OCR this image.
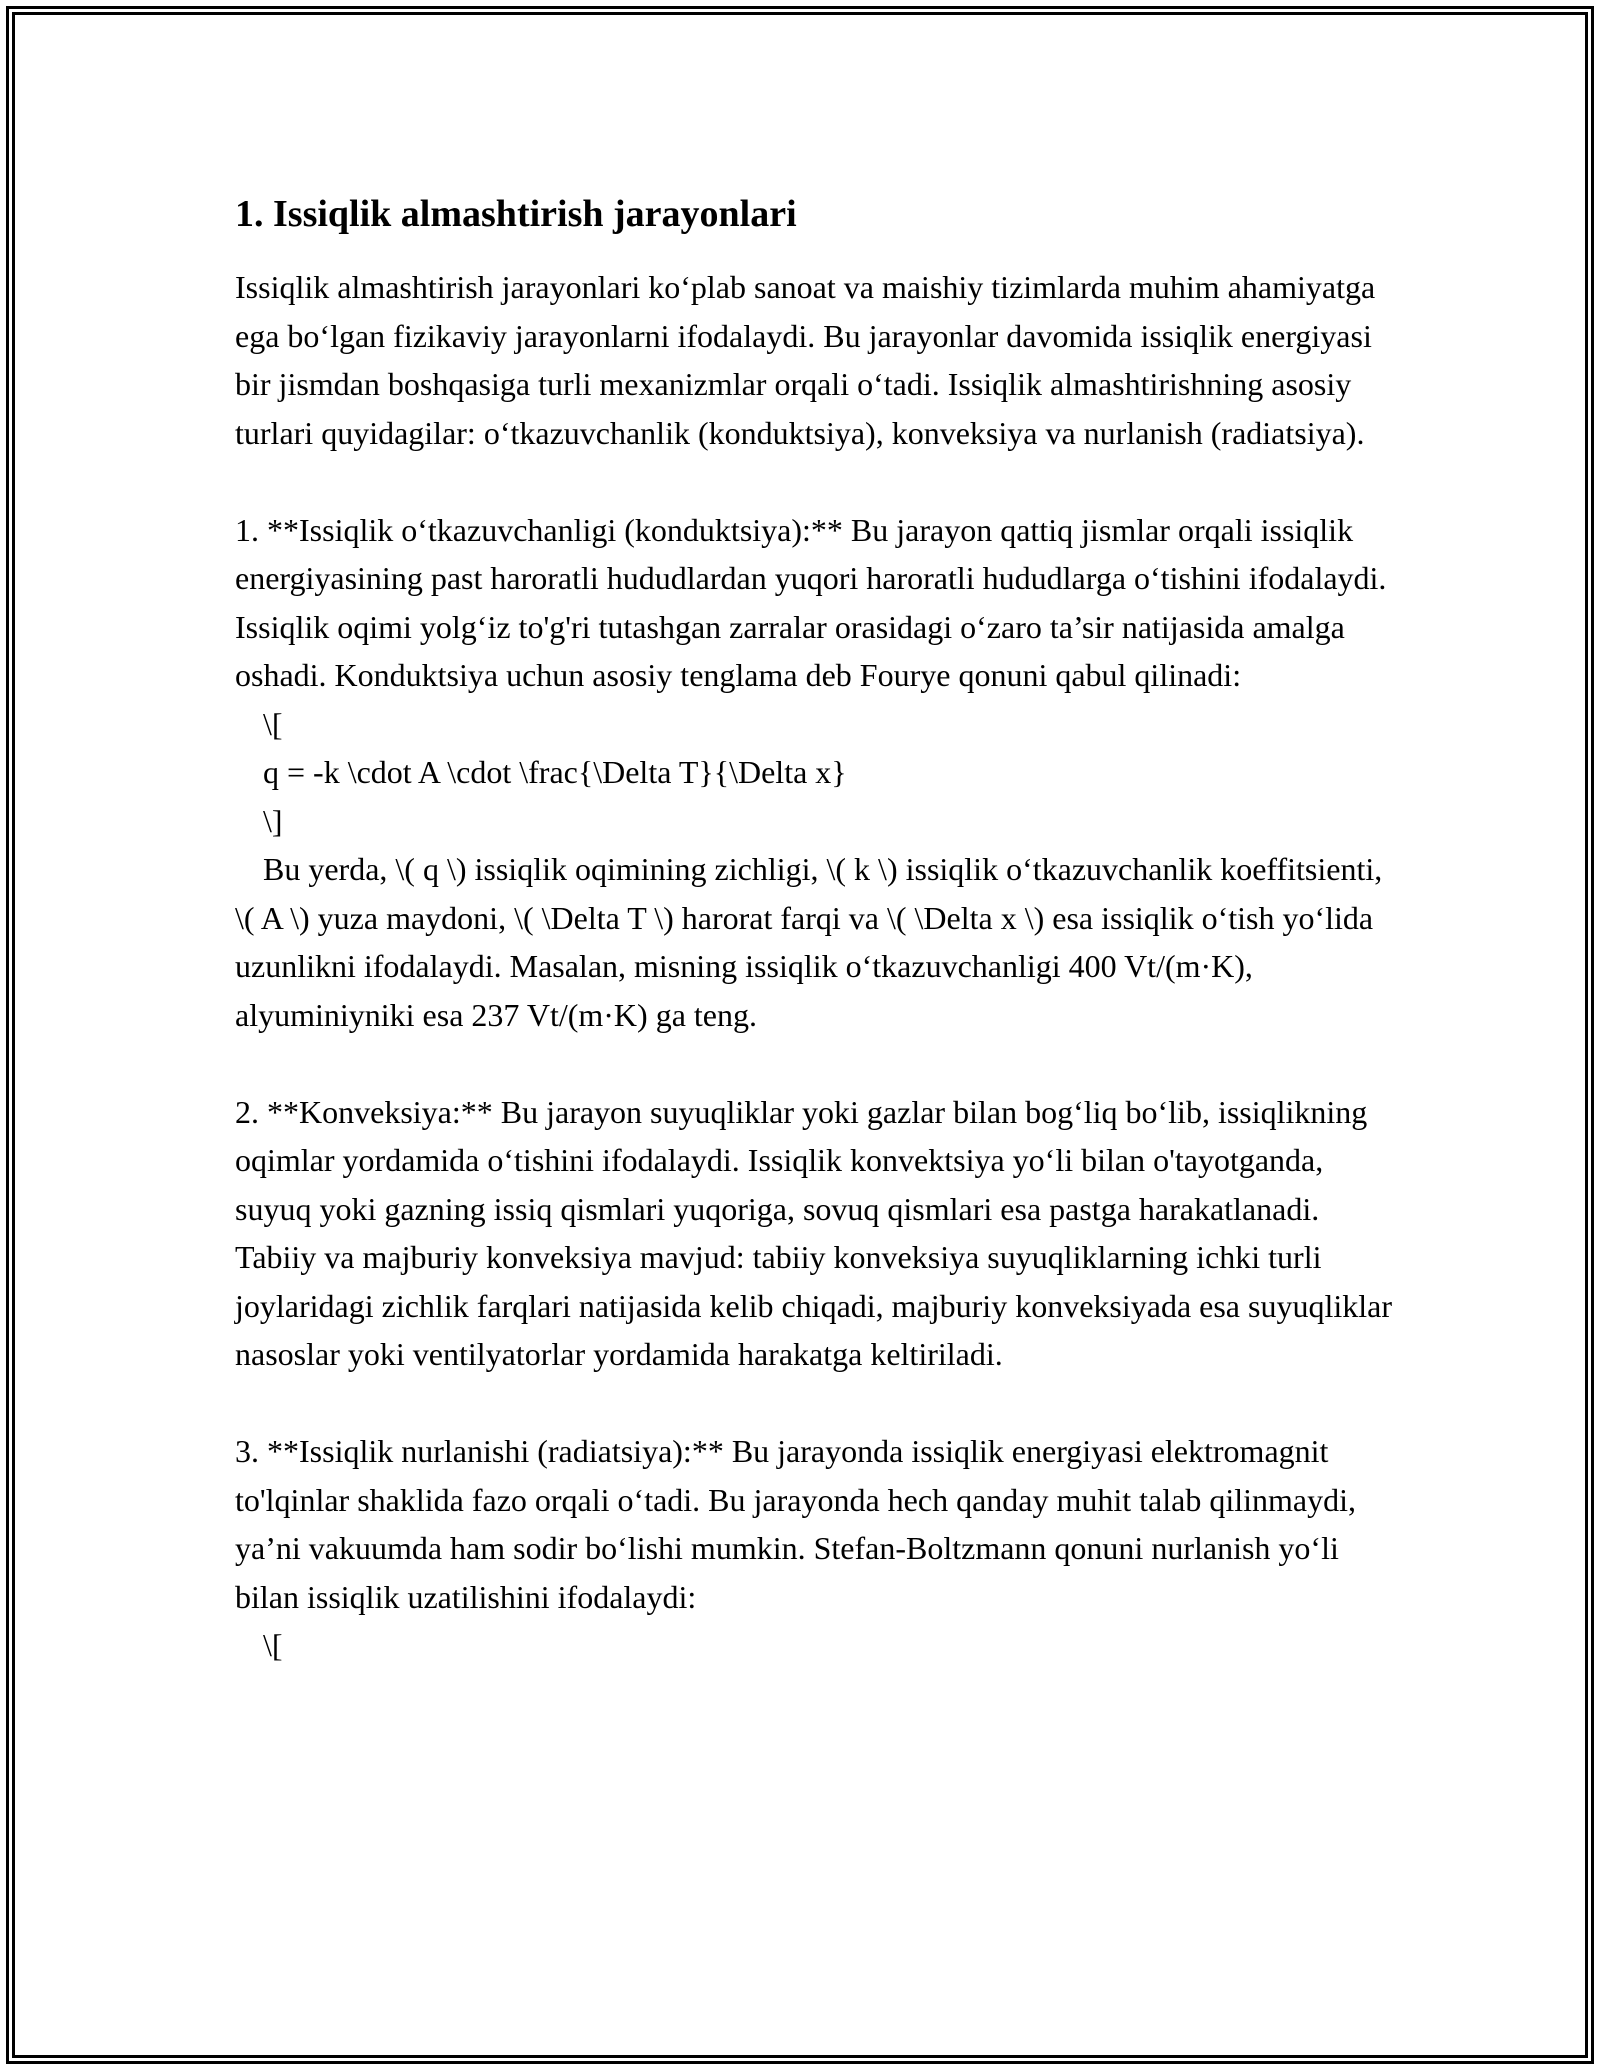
1. Issiqlik almashtirish jarayonlari

Issiqlik almashtirish jarayonlari ko‘plab sanoat va maishiy tizimlarda muhim ahamiyatga ega bo‘lgan fizikaviy jarayonlarni ifodalaydi. Bu jarayonlar davomida issiqlik energiyasi bir jismdan boshqasiga turli mexanizmlar orqali o‘tadi. Issiqlik almashtirishning asosiy turlari quyidagilar: o‘tkazuvchanlik (konduktsiya), konveksiya va nurlanish (radiatsiya).

1. **Issiqlik o‘tkazuvchanligi (konduktsiya):** Bu jarayon qattiq jismlar orqali issiqlik energiyasining past haroratli hududlardan yuqori haroratli hududlarga o‘tishini ifodalaydi. Issiqlik oqimi yolg‘iz to'g'ri tutashgan zarralar orasidagi o‘zaro ta’sir natijasida amalga oshadi. Konduktsiya uchun asosiy tenglama deb Fourye qonuni qabul qilinadi:

\[

q = -k \cdot A \cdot \frac{\Delta T}{\Delta x}

\]

Bu yerda, \( q \) issiqlik oqimining zichligi, \( k \) issiqlik o‘tkazuvchanlik koeffitsienti, \( A \) yuza maydoni, \( \Delta T \) harorat farqi va \( \Delta x \) esa issiqlik o‘tish yo‘lida uzunlikni ifodalaydi. Masalan, misning issiqlik o‘tkazuvchanligi 400 Vt/(m·K), alyuminiyniki esa 237 Vt/(m·K) ga teng.

2. **Konveksiya:** Bu jarayon suyuqliklar yoki gazlar bilan bog‘liq bo‘lib, issiqlikning oqimlar yordamida o‘tishini ifodalaydi. Issiqlik konvektsiya yo‘li bilan o'tayotganda, suyuq yoki gazning issiq qismlari yuqoriga, sovuq qismlari esa pastga harakatlanadi. Tabiiy va majburiy konveksiya mavjud: tabiiy konveksiya suyuqliklarning ichki turli joylaridagi zichlik farqlari natijasida kelib chiqadi, majburiy konveksiyada esa suyuqliklar nasoslar yoki ventilyatorlar yordamida harakatga keltiriladi.

3. **Issiqlik nurlanishi (radiatsiya):** Bu jarayonda issiqlik energiyasi elektromagnit to'lqinlar shaklida fazo orqali o‘tadi. Bu jarayonda hech qanday muhit talab qilinmaydi, ya’ni vakuumda ham sodir bo‘lishi mumkin. Stefan-Boltzmann qonuni nurlanish yo‘li bilan issiqlik uzatilishini ifodalaydi:

\[
